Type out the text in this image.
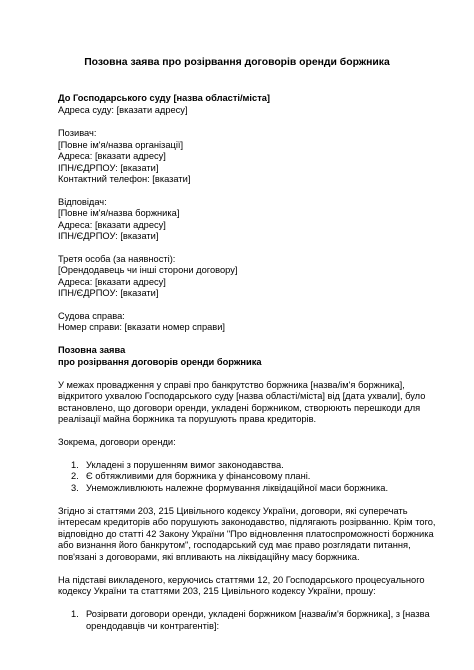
Позовна заява про розірвання договорів оренди боржника
До Господарського суду [назва області/міста]
Адреса суду: [вказати адресу]
Позивач:
[Повне ім'я/назва організації]
Адреса: [вказати адресу]
ІПН/ЄДРПОУ: [вказати]
Контактний телефон: [вказати]
Відповідач:
[Повне ім'я/назва боржника]
Адреса: [вказати адресу]
ІПН/ЄДРПОУ: [вказати]
Третя особа (за наявності):
[Орендодавець чи інші сторони договору]
Адреса: [вказати адресу]
ІПН/ЄДРПОУ: [вказати]
Судова справа:
Номер справи: [вказати номер справи]
Позовна заява
про розірвання договорів оренди боржника
У межах провадження у справі про банкрутство боржника [назва/ім'я боржника],
відкритого ухвалою Господарського суду [назва області/міста] від [дата ухвали], було
встановлено, що договори оренди, укладені боржником, створюють перешкоди для
реалізації майна боржника та порушують права кредиторів.
Зокрема, договори оренди:
1. Укладені з порушенням вимог законодавства.
2. Є обтяжливими для боржника у фінансовому плані.
3. Унеможливлюють належне формування ліквідаційної маси боржника.
Згідно зі статтями 203, 215 Цивільного кодексу України, договори, які суперечать
інтересам кредиторів або порушують законодавство, підлягають розірванню. Крім того,
відповідно до статті 42 Закону України "Про відновлення платоспроможності боржника
або визнання його банкрутом", господарський суд має право розглядати питання,
пов'язані з договорами, які впливають на ліквідаційну масу боржника.
На підставі викладеного, керуючись статтями 12, 20 Господарського процесуального
кодексу України та статтями 203, 215 Цивільного кодексу України, прошу:
1. Розірвати договори оренди, укладені боржником [назва/ім'я боржника], з [назва
орендодавців чи контрагентів]:
